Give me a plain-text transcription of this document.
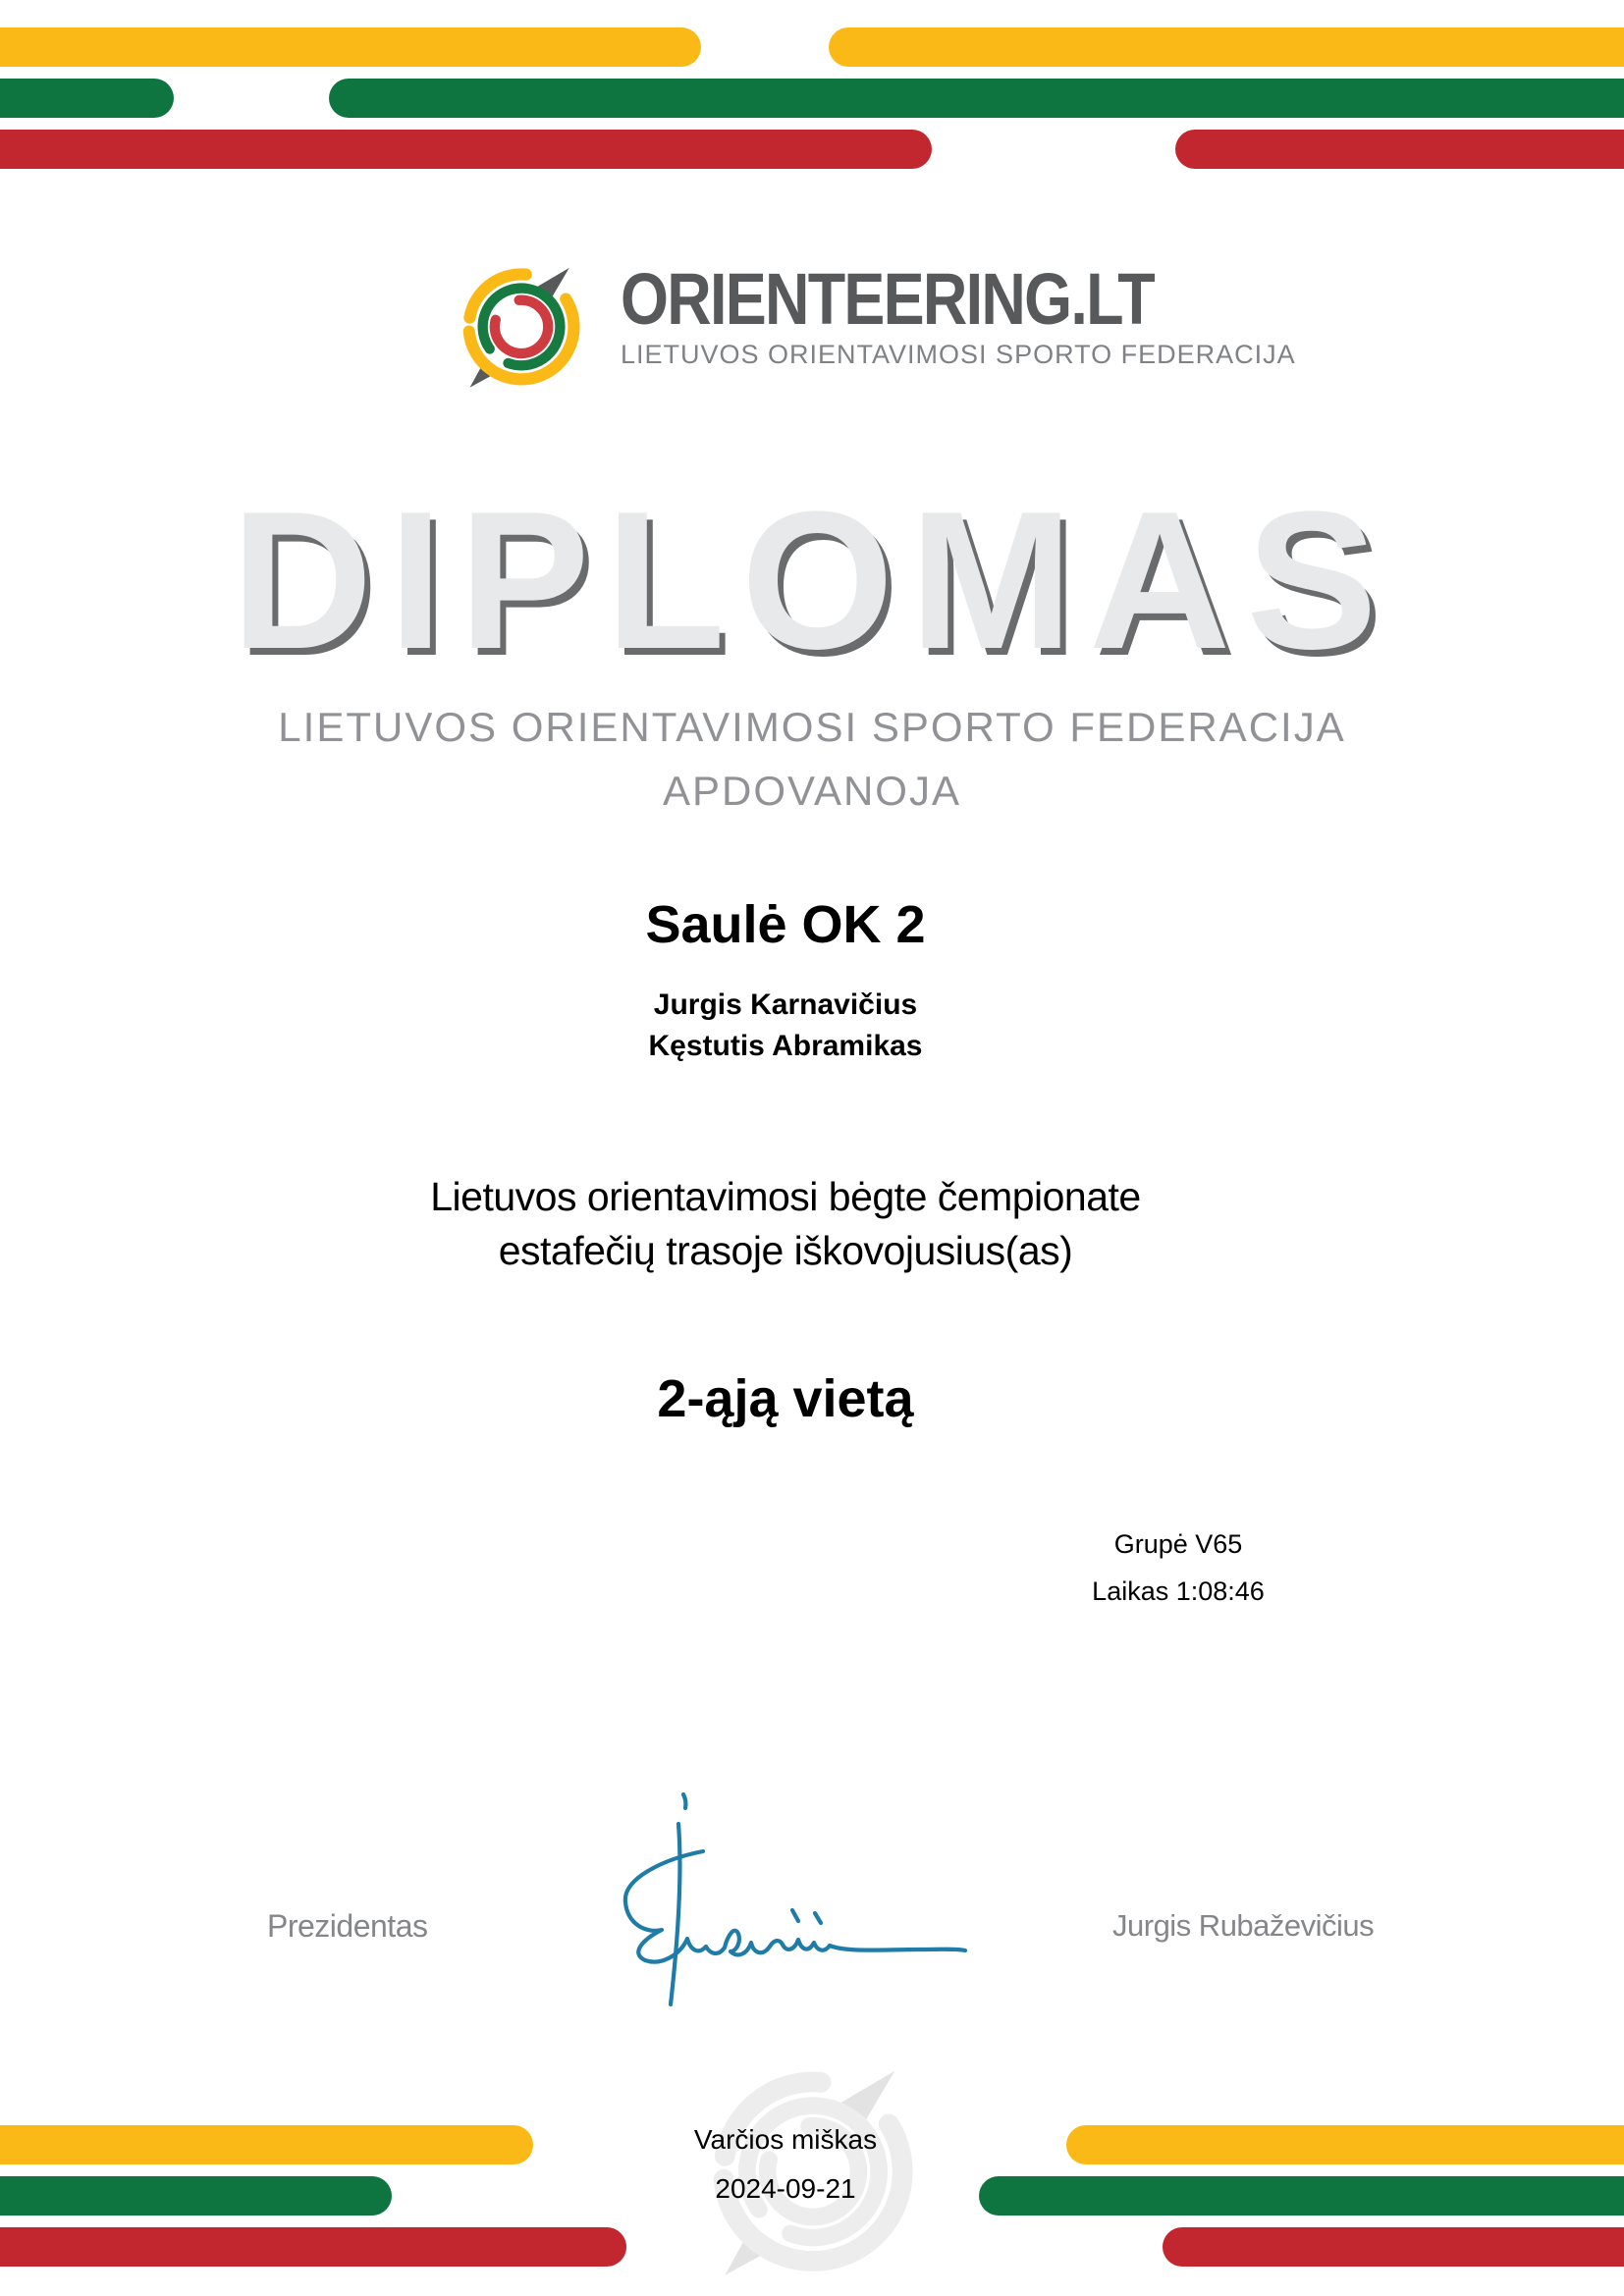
ORIENTEERING.LT
LIETUVOS ORIENTAVIMOSI SPORTO FEDERACIJA
DIPLOMAS
LIETUVOS ORIENTAVIMOSI SPORTO FEDERACIJA
APDOVANOJA
Saulė OK 2
Jurgis Karnavičius
Kęstutis Abramikas
Lietuvos orientavimosi bėgte čempionate
estafečių trasoje iškovojusius(as)
2-ąją vietą
Grupė V65
Laikas 1:08:46
Prezidentas	Jurgis Rubaževičius
Varčios miškas
2024-09-21
